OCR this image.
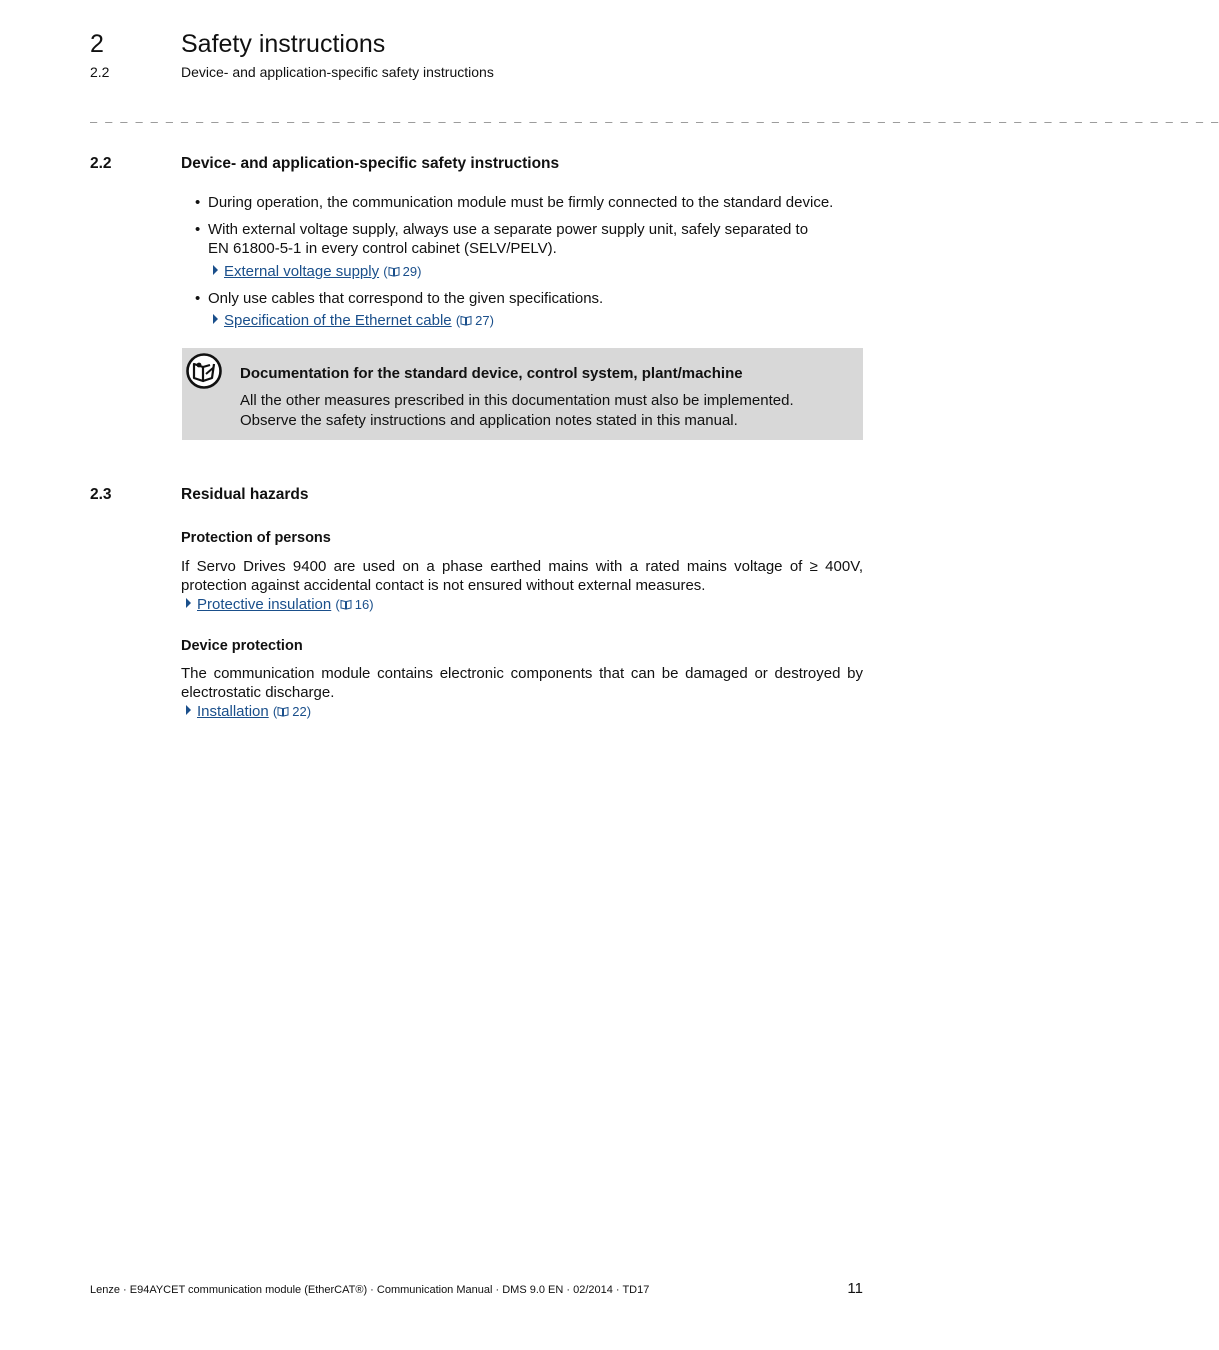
2	Safety instructions
2.2	Device- and application-specific safety instructions
_ _ _ _ _ _ _ _ _ _ _ _ _ _ _ _ _ _ _ _ _ _ _ _ _ _ _ _ _ _ _ _ _ _ _ _ _ _ _ _ _ _ _ _ _ _ _ _ _ _ _ _ _ _ _ _ _ _ _ _ _ _ _ _ _ _ _ _ _ _ _ _ _ _ _
2.2	Device- and application-specific safety instructions
• During operation, the communication module must be firmly connected to the standard device.
• With external voltage supply, always use a separate power supply unit, safely separated to
EN 61800-5-1 in every control cabinet (SELV/PELV).
External voltage supply ( 29)
• Only use cables that correspond to the given specifications.
Specification of the Ethernet cable ( 27)
Documentation for the standard device, control system, plant/machine
All the other measures prescribed in this documentation must also be implemented.
Observe the safety instructions and application notes stated in this manual.
2.3	Residual hazards
Protection of persons
If Servo Drives 9400 are used on a phase earthed mains with a rated mains voltage of ≥ 400V, protection against accidental contact is not ensured without external measures.
Protective insulation ( 16)
Device protection
The communication module contains electronic components that can be damaged or destroyed by electrostatic discharge.
Installation ( 22)
Lenze · E94AYCET communication module (EtherCAT®) · Communication Manual · DMS 9.0 EN · 02/2014 · TD17	11
